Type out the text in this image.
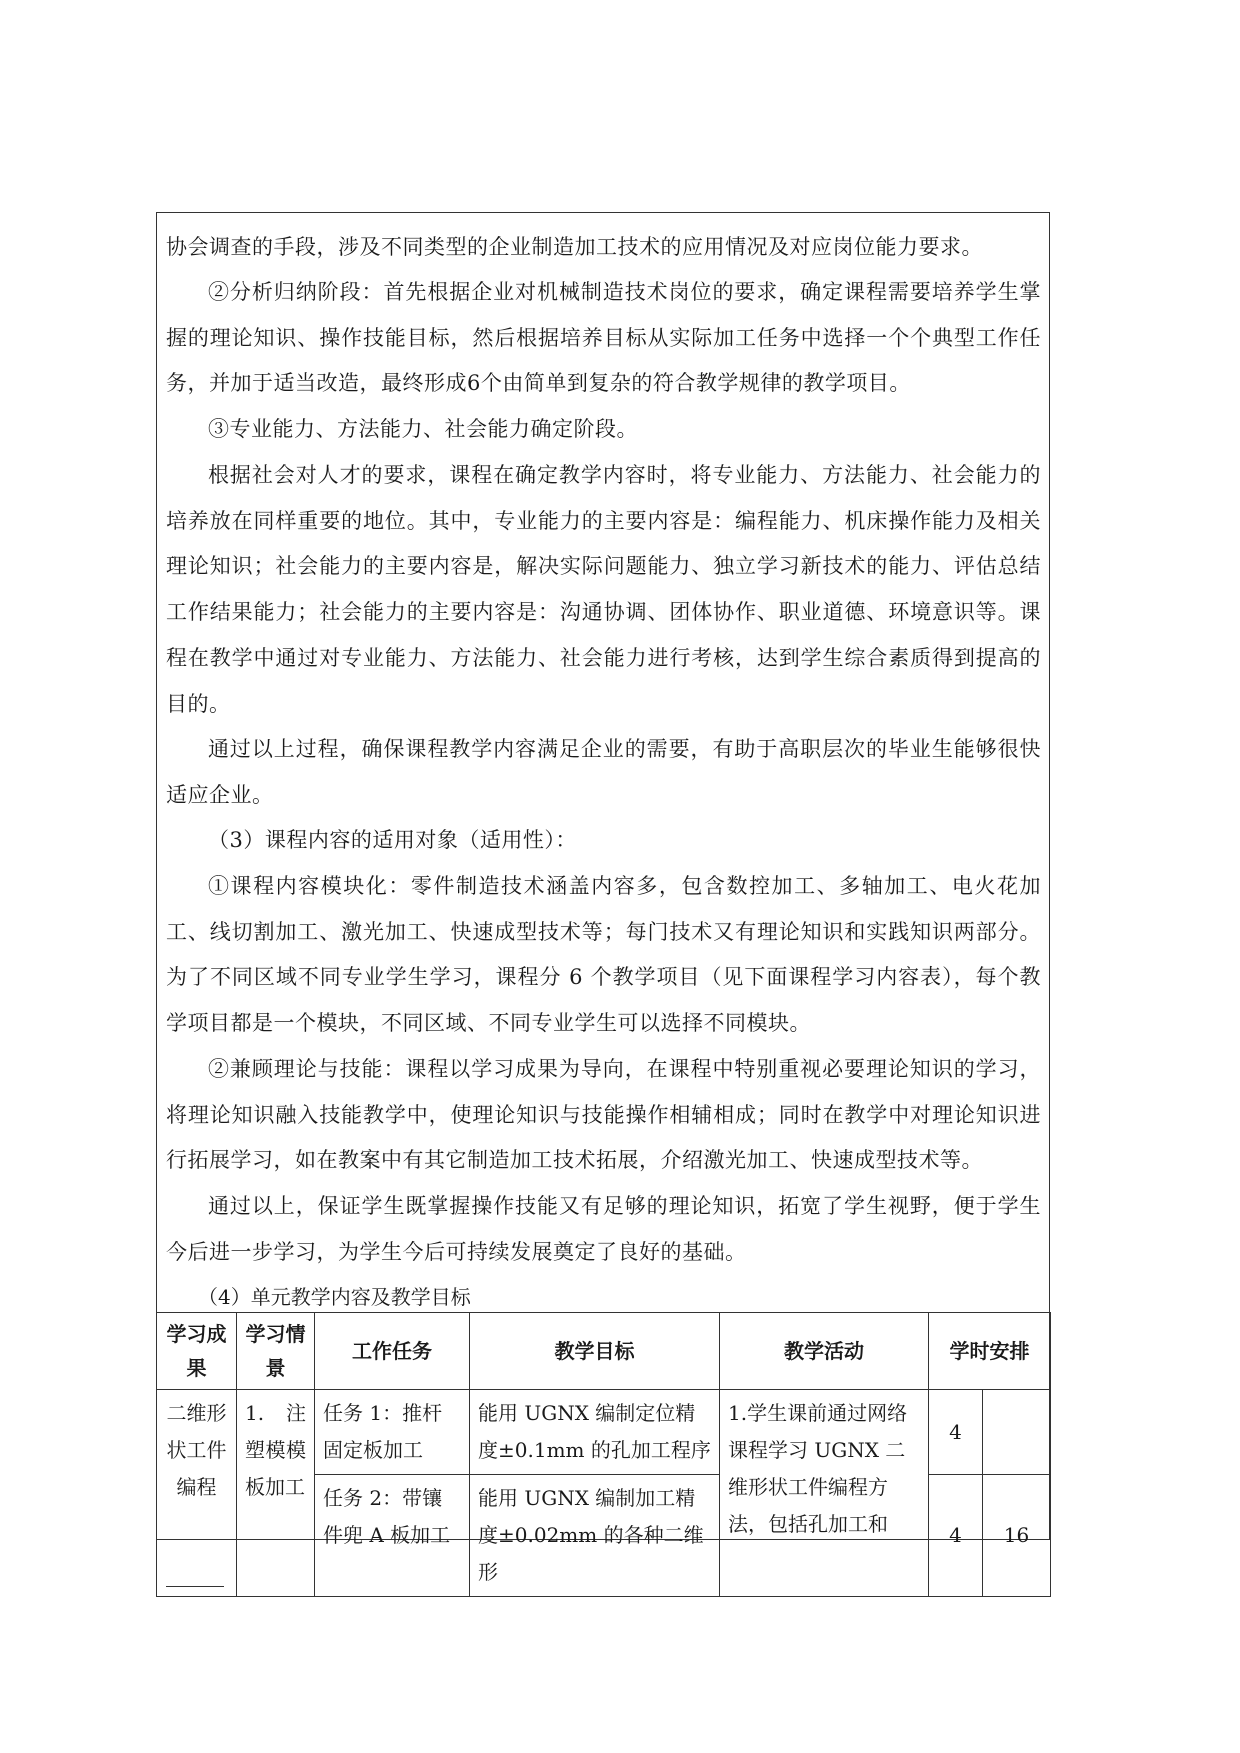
协会调查的手段，涉及不同类型的企业制造加工技术的应用情况及对应岗位能力要求。

②分析归纳阶段：首先根据企业对机械制造技术岗位的要求，确定课程需要培养学生掌握的理论知识、操作技能目标，然后根据培养目标从实际加工任务中选择一个个典型工作任务，并加于适当改造，最终形成6个由简单到复杂的符合教学规律的教学项目。

③专业能力、方法能力、社会能力确定阶段。

根据社会对人才的要求，课程在确定教学内容时，将专业能力、方法能力、社会能力的培养放在同样重要的地位。其中，专业能力的主要内容是：编程能力、机床操作能力及相关理论知识；社会能力的主要内容是，解决实际问题能力、独立学习新技术的能力、评估总结工作结果能力；社会能力的主要内容是：沟通协调、团体协作、职业道德、环境意识等。课程在教学中通过对专业能力、方法能力、社会能力进行考核，达到学生综合素质得到提高的目的。

通过以上过程，确保课程教学内容满足企业的需要，有助于高职层次的毕业生能够很快适应企业。

（3）课程内容的适用对象（适用性）：

①课程内容模块化：零件制造技术涵盖内容多，包含数控加工、多轴加工、电火花加工、线切割加工、激光加工、快速成型技术等；每门技术又有理论知识和实践知识两部分。为了不同区域不同专业学生学习，课程分 6 个教学项目（见下面课程学习内容表），每个教学项目都是一个模块，不同区域、不同专业学生可以选择不同模块。

②兼顾理论与技能：课程以学习成果为导向，在课程中特别重视必要理论知识的学习，将理论知识融入技能教学中，使理论知识与技能操作相辅相成；同时在教学中对理论知识进行拓展学习，如在教案中有其它制造加工技术拓展，介绍激光加工、快速成型技术等。

通过以上，保证学生既掌握操作技能又有足够的理论知识，拓宽了学生视野，便于学生今后进一步学习，为学生今后可持续发展奠定了良好的基础。

（4）单元教学内容及教学目标

学习成果	学习情景	工作任务	教学目标	教学活动	学时安排	
二维形状工件编程	1. 注塑模模板加工	任务 1：推杆固定板加工	能用 UGNX 编制定位精度±0.1mm 的孔加工程序	1.学生课前通过网络课程学习 UGNX 二维形状工件编程方法，包括孔加工和	4	
		任务 2：带镶件兜 A 板加工	能用 UGNX 编制加工精度±0.02mm 的各种二维形		4	16
